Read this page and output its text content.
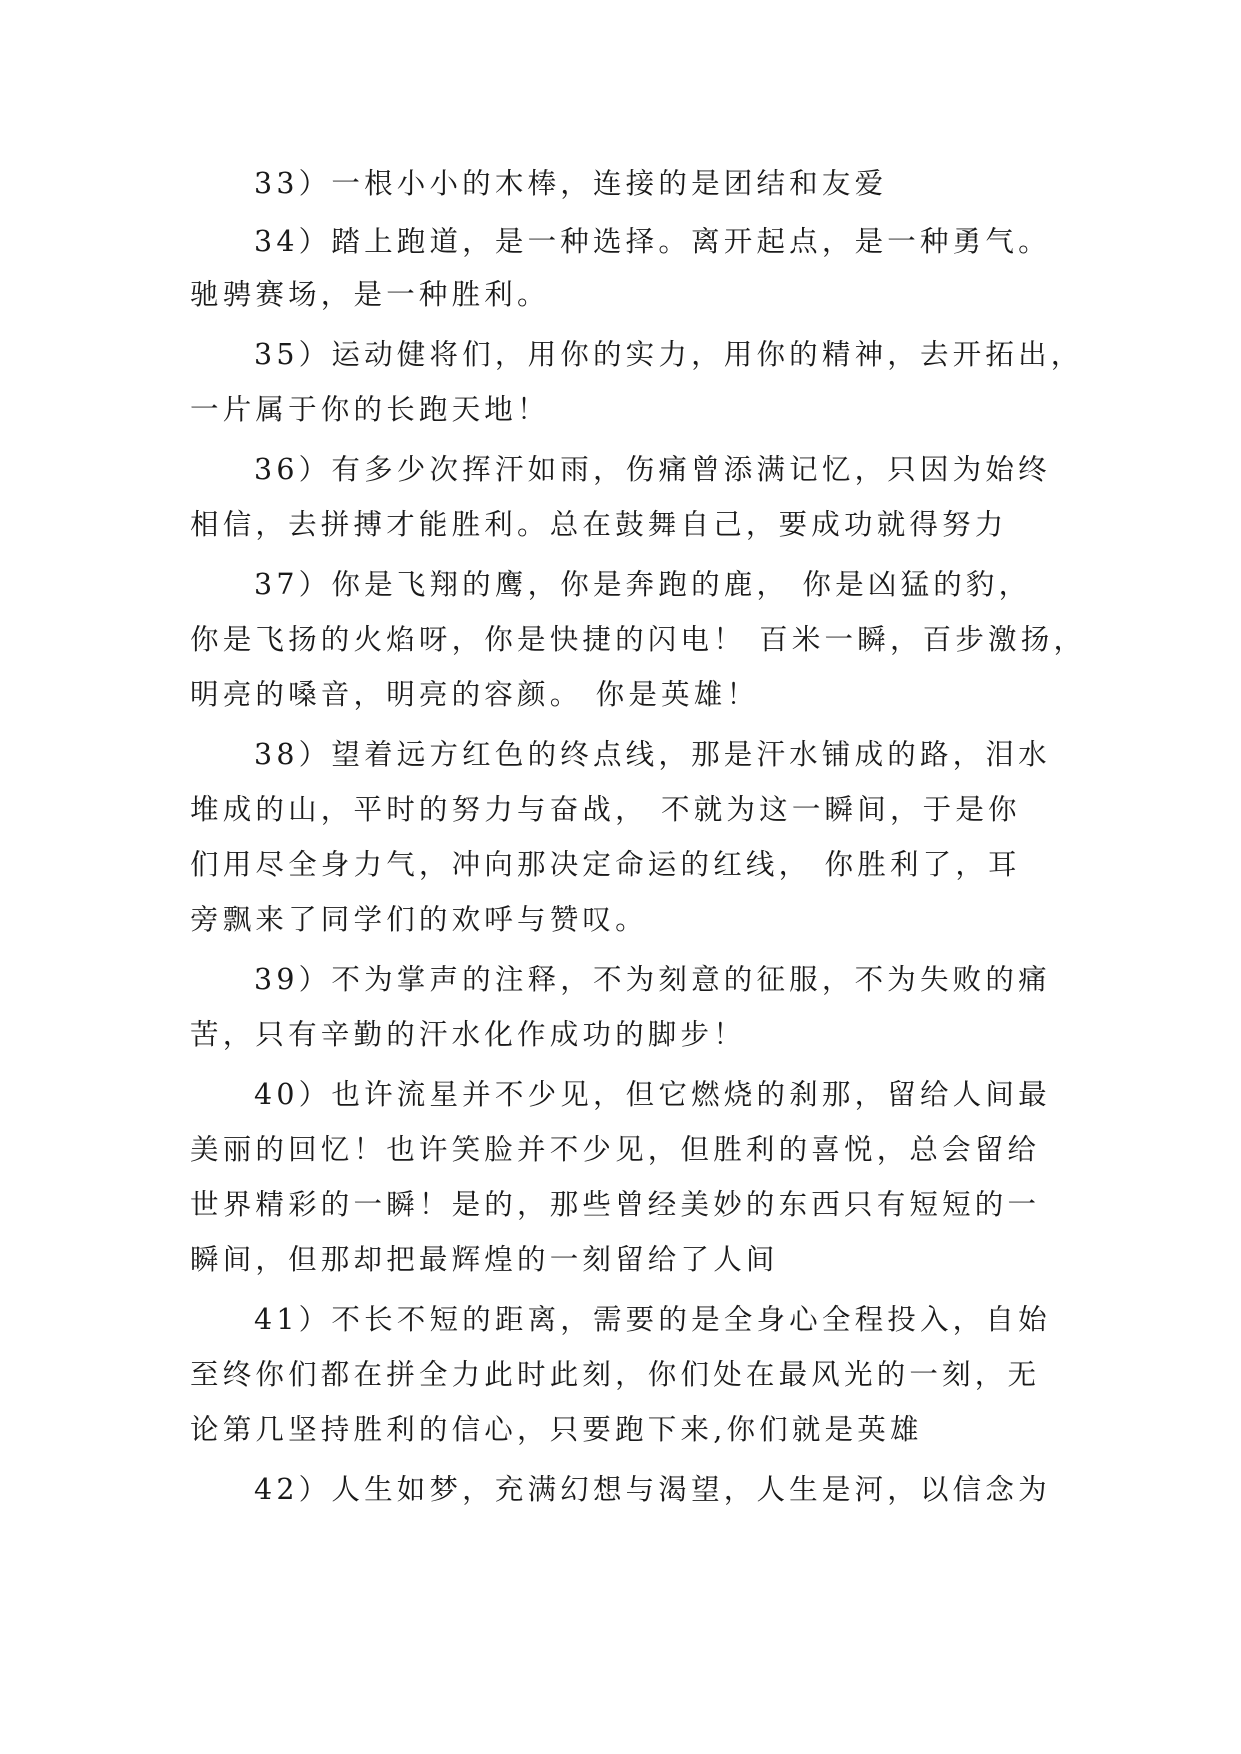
33）一根小小的木棒，连接的是团结和友爱
34）踏上跑道，是一种选择。离开起点，是一种勇气。
驰骋赛场，是一种胜利。
35）运动健将们，用你的实力，用你的精神，去开拓出，
一片属于你的长跑天地！
36）有多少次挥汗如雨，伤痛曾添满记忆，只因为始终
相信，去拼搏才能胜利。总在鼓舞自己，要成功就得努力
37）你是飞翔的鹰，你是奔跑的鹿， 你是凶猛的豹，
你是飞扬的火焰呀，你是快捷的闪电！ 百米一瞬，百步激扬，
明亮的嗓音，明亮的容颜。 你是英雄！
38）望着远方红色的终点线，那是汗水铺成的路，泪水
堆成的山，平时的努力与奋战， 不就为这一瞬间，于是你
们用尽全身力气，冲向那决定命运的红线， 你胜利了，耳
旁飘来了同学们的欢呼与赞叹。
39）不为掌声的注释，不为刻意的征服，不为失败的痛
苦，只有辛勤的汗水化作成功的脚步！
40）也许流星并不少见，但它燃烧的刹那，留给人间最
美丽的回忆！也许笑脸并不少见，但胜利的喜悦，总会留给
世界精彩的一瞬！是的，那些曾经美妙的东西只有短短的一
瞬间，但那却把最辉煌的一刻留给了人间
41）不长不短的距离，需要的是全身心全程投入，自始
至终你们都在拼全力此时此刻，你们处在最风光的一刻，无
论第几坚持胜利的信心，只要跑下来,你们就是英雄
42）人生如梦，充满幻想与渴望，人生是河，以信念为
